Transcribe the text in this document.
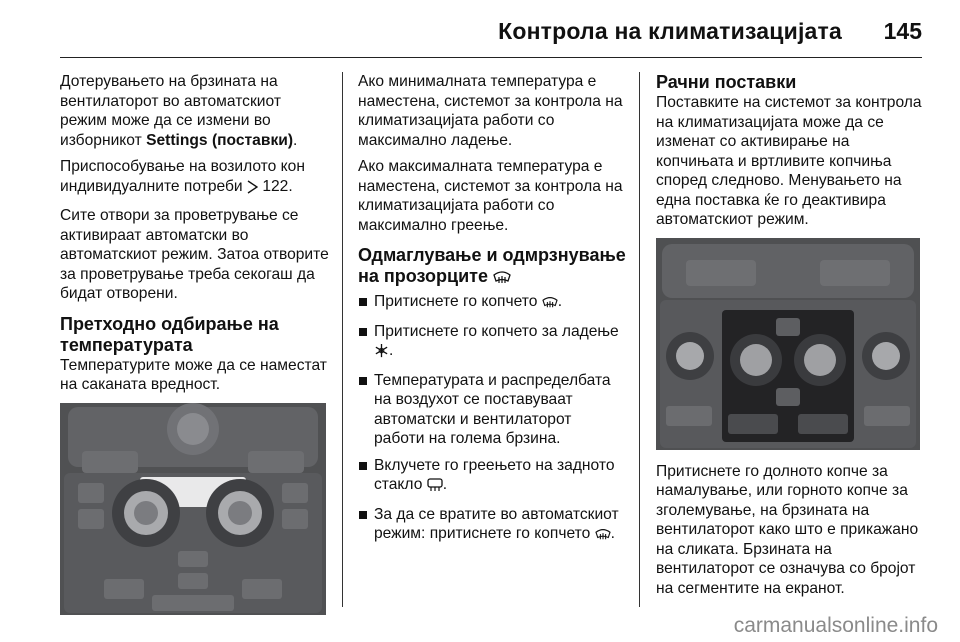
Контрола на климатизацијата 145

Дотерувањето на брзината на вентилаторот во автоматскиот режим може да се измени во изборникот Settings (поставки).

Приспособување на возилото кон индивидуалните потреби  122.

Сите отвори за проветрување се активираат автоматски во автоматскиот режим. Затоа отворите за проветрување треба секогаш да бидат отворени.

Претходно одбирање на температурата

Температурите може да се наместат на саканата вредност.

Ако минималната температура е наместена, системот за контрола на климатизацијата работи со максимално ладење.

Ако максималната температура е наместена, системот за контрола на климатизацијата работи со максимално греење.

Одмаглување и одмрзнување на прозорците
Притиснете го копчето .
Притиснете го копчето за ладење .
Температурата и распределбата на воздухот се поставуваат автоматски и вентилаторот работи на голема брзина.
Вклучете го греењето на задното стакло .
За да се вратите во автоматскиот режим: притиснете го копчето .
Рачни поставки

Поставките на системот за контрола на климатизацијата може да се изменат со активирање на копчињата и вртливите копчиња според следново. Менувањето на една поставка ќе го деактивира автоматскиот режим.

Притиснете го долното копче за намалување, или горното копче за зголемување, на брзината на вентилаторот како што е прикажано на сликата. Брзината на вентилаторот се означува со бројот на сегментите на екранот.

carmanualsonline.info
